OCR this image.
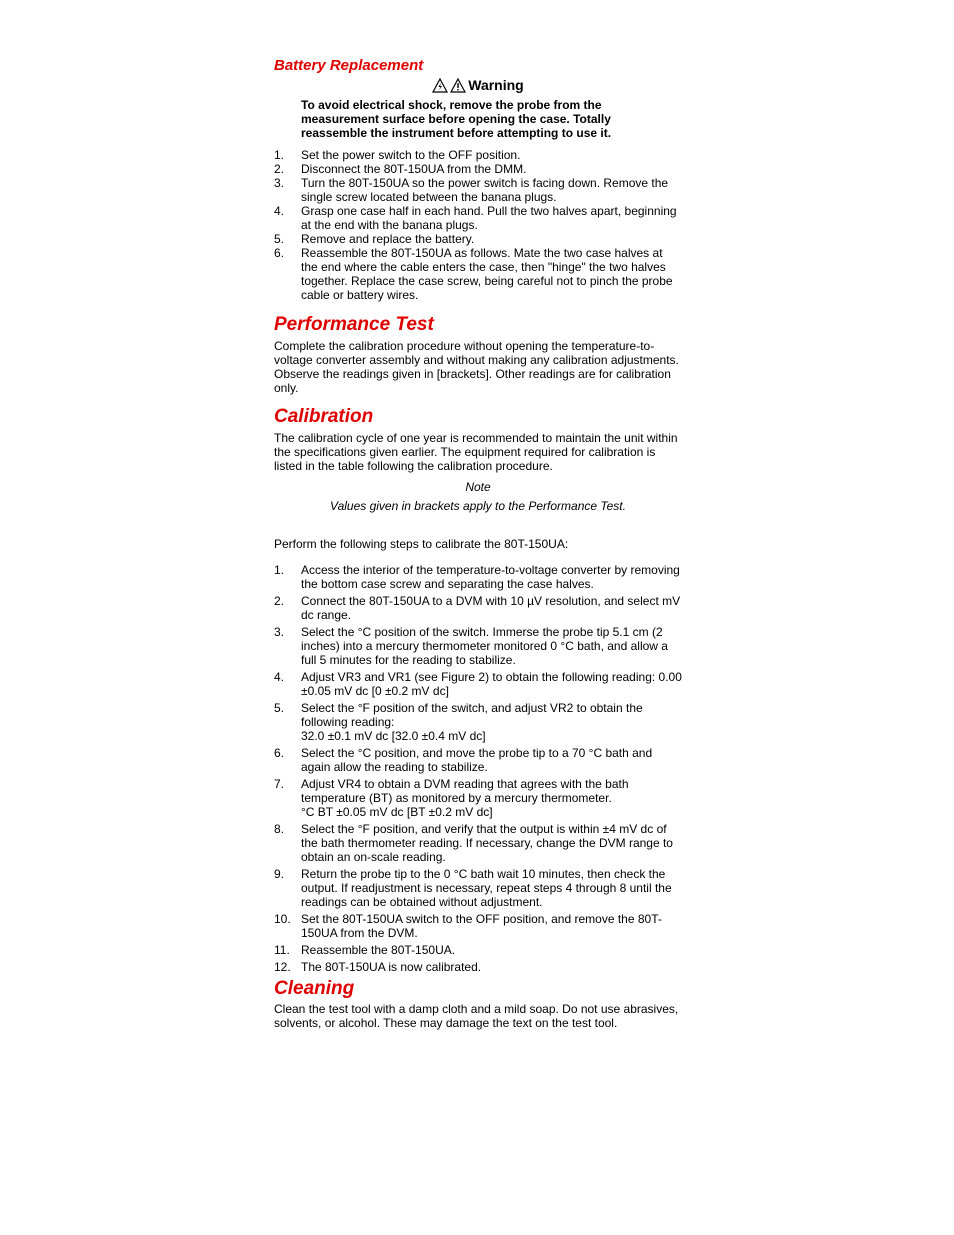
Battery Replacement
Warning

To avoid electrical shock, remove the probe from the measurement surface before opening the case. Totally reassemble the instrument before attempting to use it.

1.	Set the power switch to the OFF position.
2.	Disconnect the 80T-150UA from the DMM.
3.	Turn the 80T-150UA so the power switch is facing down. Remove the single screw located between the banana plugs.
4.	Grasp one case half in each hand. Pull the two halves apart, beginning at the end with the banana plugs.
5.	Remove and replace the battery.
6.	Reassemble the 80T-150UA as follows. Mate the two case halves at the end where the cable enters the case, then "hinge" the two halves together. Replace the case screw, being careful not to pinch the probe cable or battery wires.
Performance Test

Complete the calibration procedure without opening the temperature-to-voltage converter assembly and without making any calibration adjustments. Observe the readings given in [brackets]. Other readings are for calibration only.

Calibration

The calibration cycle of one year is recommended to maintain the unit within the specifications given earlier. The equipment required for calibration is listed in the table following the calibration procedure.

Note

Values given in brackets apply to the Performance Test.

Perform the following steps to calibrate the 80T-150UA:

1.	Access the interior of the temperature-to-voltage converter by removing the bottom case screw and separating the case halves.
2.	Connect the 80T-150UA to a DVM with 10 µV resolution, and select mV dc range.
3.	Select the °C position of the switch. Immerse the probe tip 5.1 cm (2 inches) into a mercury thermometer monitored 0 °C bath, and allow a full 5 minutes for the reading to stabilize.
4.	Adjust VR3 and VR1 (see Figure 2) to obtain the following reading: 0.00 ±0.05 mV dc [0 ±0.2 mV dc]
5.	Select the °F position of the switch, and adjust VR2 to obtain the following reading:
32.0 ±0.1 mV dc [32.0 ±0.4 mV dc]
6.	Select the °C position, and move the probe tip to a 70 °C bath and again allow the reading to stabilize.
7.	Adjust VR4 to obtain a DVM reading that agrees with the bath temperature (BT) as monitored by a mercury thermometer.
°C BT ±0.05 mV dc [BT ±0.2 mV dc]
8.	Select the °F position, and verify that the output is within ±4 mV dc of the bath thermometer reading. If necessary, change the DVM range to obtain an on-scale reading.
9.	Return the probe tip to the 0 °C bath wait 10 minutes, then check the output. If readjustment is necessary, repeat steps 4 through 8 until the readings can be obtained without adjustment.
10. Set the 80T-150UA switch to the OFF position, and remove the 80T-150UA from the DVM.
11. Reassemble the 80T-150UA.
12. The 80T-150UA is now calibrated.
Cleaning

Clean the test tool with a damp cloth and a mild soap. Do not use abrasives, solvents, or alcohol. These may damage the text on the test tool.
